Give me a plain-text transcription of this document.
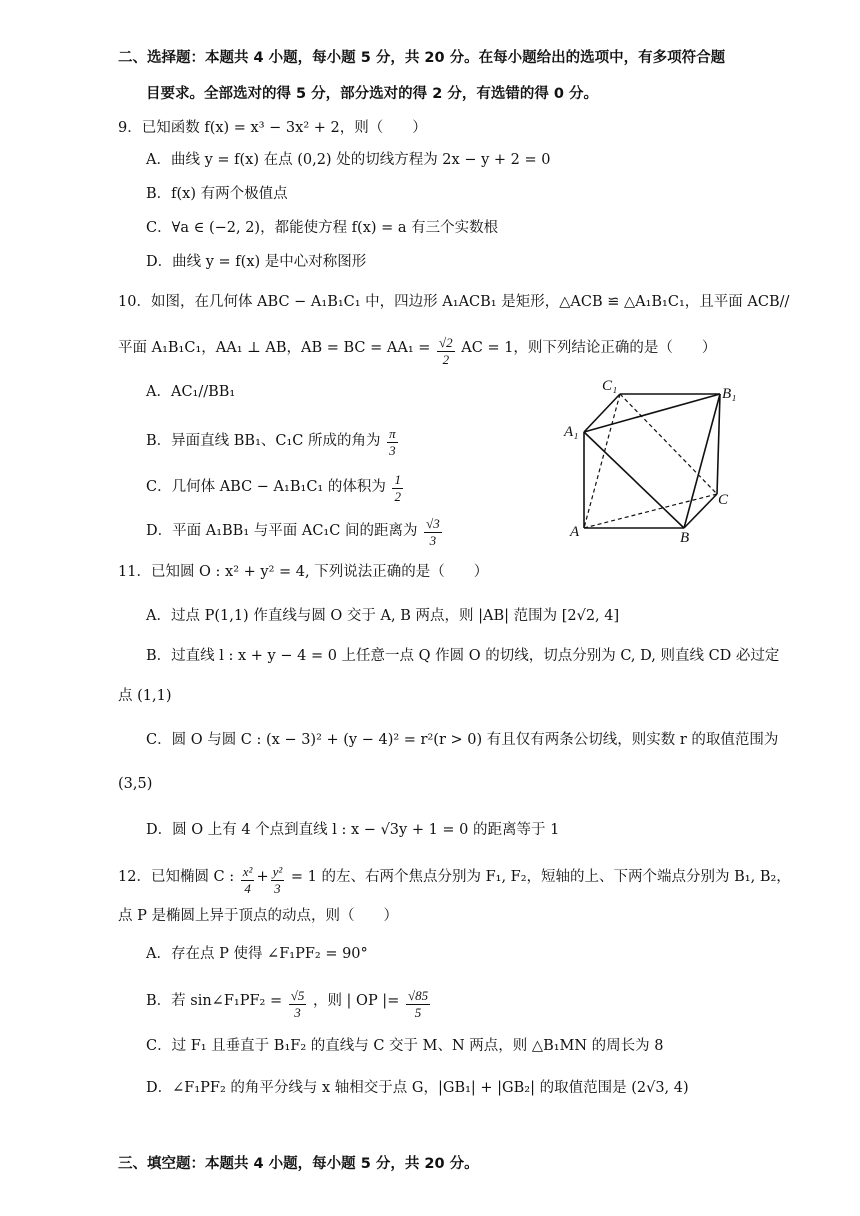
二、选择题：本题共 4 小题，每小题 5 分，共 20 分。在每小题给出的选项中，有多项符合题
目要求。全部选对的得 5 分，部分选对的得 2 分，有选错的得 0 分。
9．已知函数 f(x) = x³ − 3x² + 2，则（　　）
A．曲线 y = f(x) 在点 (0,2) 处的切线方程为 2x − y + 2 = 0
B．f(x) 有两个极值点
C．∀a ∈ (−2, 2)，都能使方程 f(x) = a 有三个实数根
D．曲线 y = f(x) 是中心对称图形
10．如图，在几何体 ABC − A₁B₁C₁ 中，四边形 A₁ACB₁ 是矩形，△ACB ≌ △A₁B₁C₁，且平面 ACB//
平面 A₁B₁C₁，AA₁ ⊥ AB，AB = BC = $AA_1 = \frac{√2}{2}$ AC = 1，则下列结论正确的是（　　）
A．AC₁//BB₁
B．异面直线 BB₁、C₁C 所成的角为 $\frac{\pi}{3}$
C．几何体 ABC − A₁B₁C₁ 的体积为 $\frac{1}{2}$
D．平面 A₁BB₁ 与平面 AC₁C 间的距离为 $\frac{√3}{3}$
C₁	B₁
A₁
C
A	B
11．已知圆 O : x² + y² = 4, 下列说法正确的是（　　）
A．过点 P(1,1) 作直线与圆 O 交于 A, B 两点，则 |AB| 范围为 [2√2, 4]
B．过直线 l : x + y − 4 = 0 上任意一点 Q 作圆 O 的切线，切点分别为 C, D, 则直线 CD 必过定
点 (1,1)
C．圆 O 与圆 C : (x − 3)² + (y − 4)² = r²(r > 0) 有且仅有两条公切线，则实数 r 的取值范围为
(3,5)
D．圆 O 上有 4 个点到直线 l : x − √3y + 1 = 0 的距离等于 1
12．已知椭圆 C : $\frac{\text{x²}}{4} + \frac{\text{y²}}{3} = 1$ 的左、右两个焦点分别为 F₁, F₂，短轴的上、下两个端点分别为 B₁, B₂，
点 P 是椭圆上异于顶点的动点，则（　　）
A．存在点 P 使得 ∠F₁PF₂ = 90°
B．若 sin∠F₁PF₂ = $\frac{√5}{3}$ ，则 | OP |= $\frac{√85}{5}$
C．过 F₁ 且垂直于 B₁F₂ 的直线与 C 交于 M、N 两点，则 △B₁MN 的周长为 8
D．∠F₁PF₂ 的角平分线与 x 轴相交于点 G，|GB₁| + |GB₂| 的取值范围是 (2√3, 4)
三、填空题：本题共 4 小题，每小题 5 分，共 20 分。
